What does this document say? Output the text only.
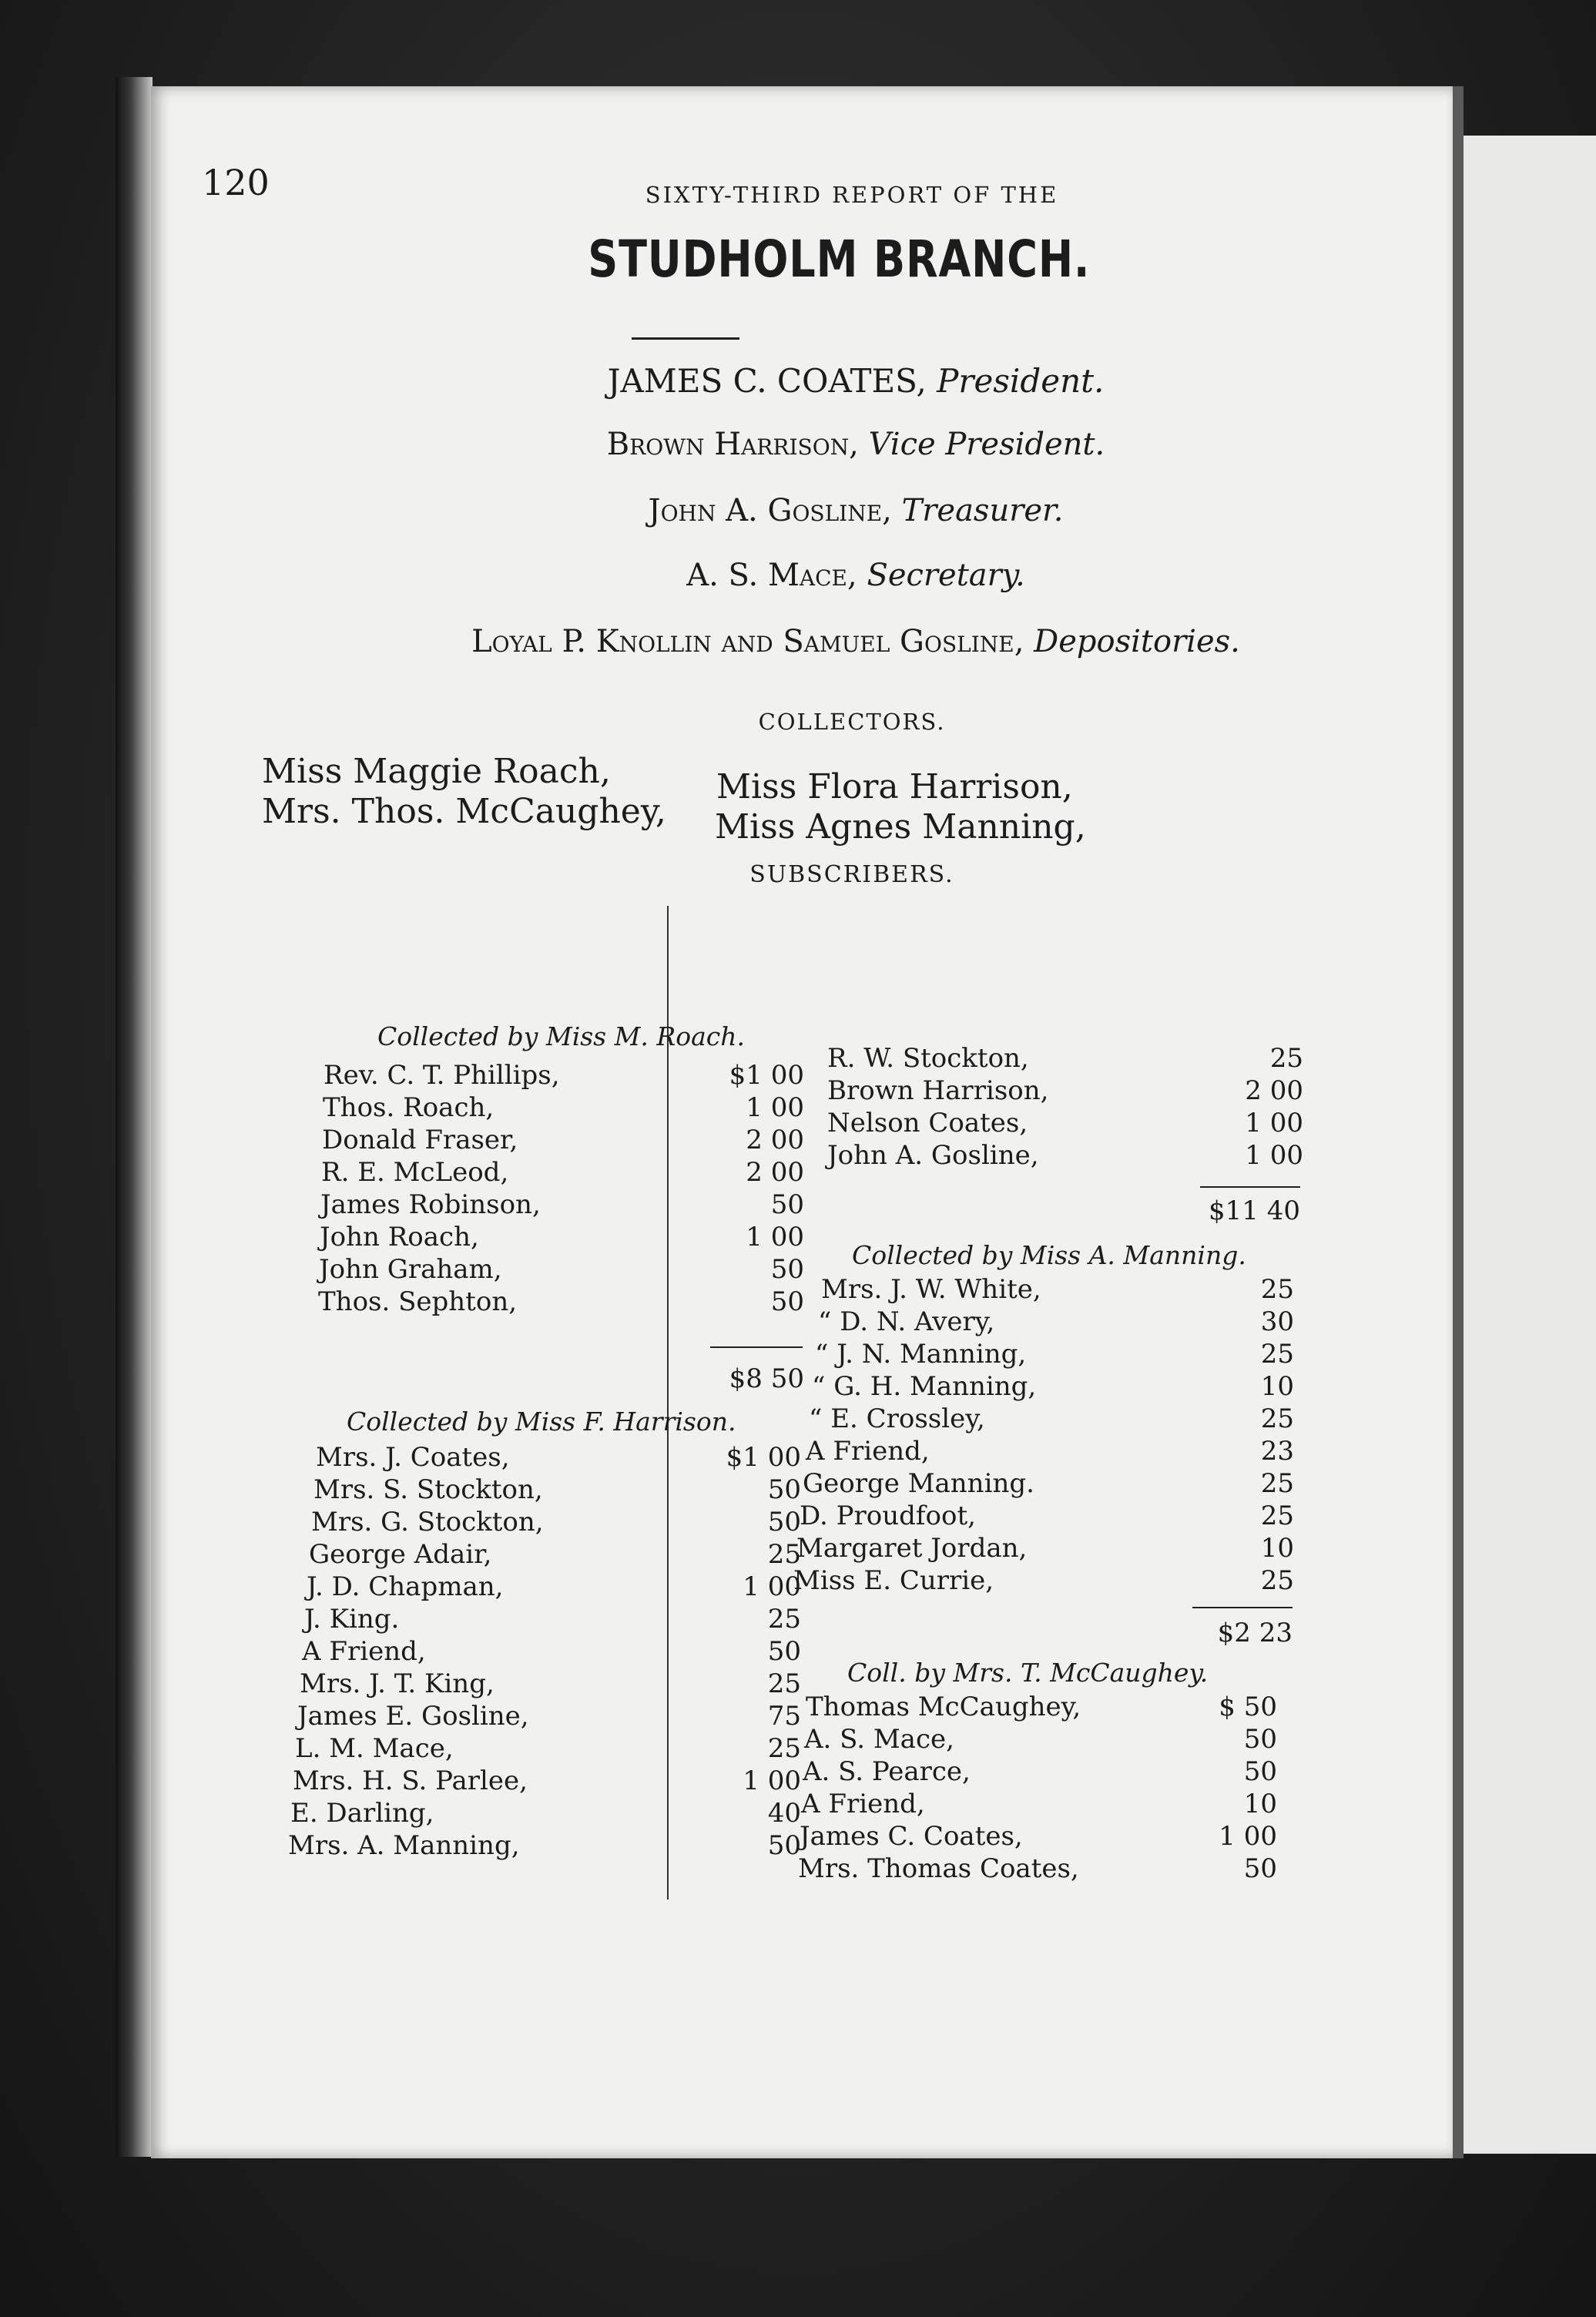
120	SIXTY-THIRD REPORT OF THE
STUDHOLM BRANCH.
JAMES C. COATES, President.
Brown Harrison, Vice President.
John A. Gosline, Treasurer.
A. S. Mace, Secretary.
Loyal P. Knollin and Samuel Gosline, Depositories.
COLLECTORS.
Miss Maggie Roach,	Miss Flora Harrison,
Mrs. Thos. McCaughey, Miss Agnes Manning,
SUBSCRIBERS.
Collected by Miss M. Roach.
Rev. C. T. Phillips,	$1 00
Thos. Roach,	1 00
Donald Fraser,	2 00
R. E. McLeod,	2 00
James Robinson,	50
John Roach,	1 00
John Graham,	50
Thos. Sephton,	50
$8 50
Collected by Miss F. Harrison.
Mrs. J. Coates,	$1 00
Mrs. S. Stockton,	50
Mrs. G. Stockton,	50
George Adair,	25
J. D. Chapman,	1 00
J. King.	25
A Friend,	50
Mrs. J. T. King,	25
James E. Gosline,	75
L. M. Mace,	25
Mrs. H. S. Parlee,	1 00
E. Darling,	40
Mrs. A. Manning,	50
R. W. Stockton,	25
Brown Harrison,	2 00
Nelson Coates,	1 00
John A. Gosline,	1 00
$11 40
Collected by Miss A. Manning.
Mrs. J. W. White,	25
“ D. N. Avery,	30
“ J. N. Manning,	25
“ G. H. Manning,	10
“ E. Crossley,	25
A Friend,	23
George Manning.	25
D. Proudfoot,	25
Margaret Jordan,	10
Miss E. Currie,	25
$2 23
Coll. by Mrs. T. McCaughey.
Thomas McCaughey,	$ 50
A. S. Mace,	50
A. S. Pearce,	50
A Friend,	10
James C. Coates,	1 00
Mrs. Thomas Coates,	50
